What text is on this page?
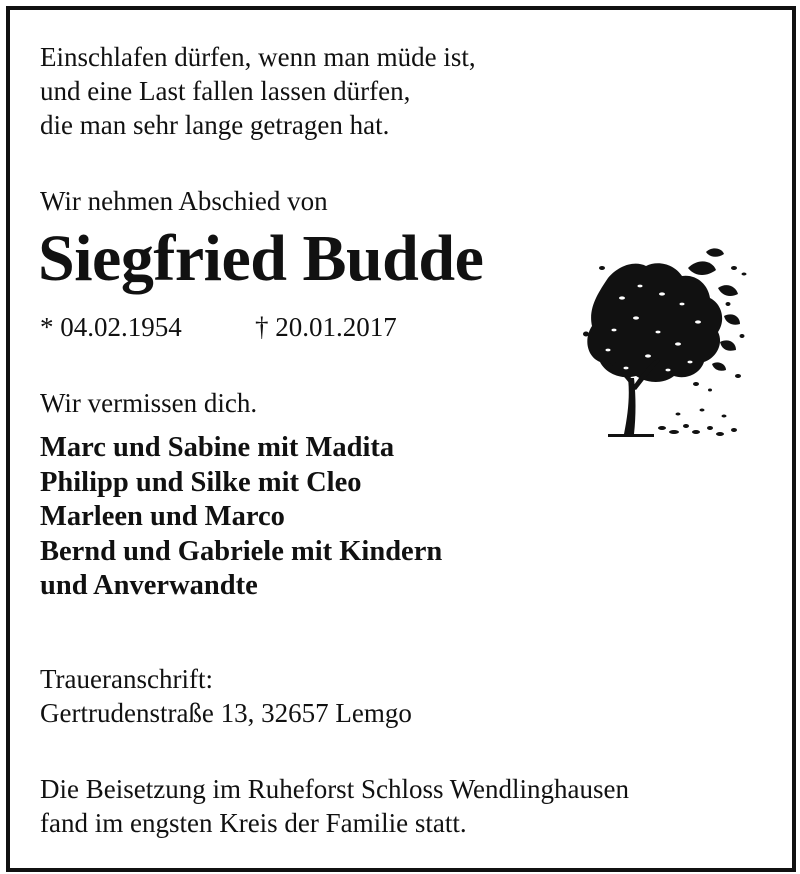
Einschlafen dürfen, wenn man müde ist,
und eine Last fallen lassen dürfen,
die man sehr lange getragen hat.
Wir nehmen Abschied von
Siegfried Budde
* 04.02.1954	† 20.01.2017
Wir vermissen dich.
Marc und Sabine mit Madita
Philipp und Silke mit Cleo
Marleen und Marco
Bernd und Gabriele mit Kindern
und Anverwandte
Traueranschrift:
Gertrudenstraße 13, 32657 Lemgo
Die Beisetzung im Ruheforst Schloss Wendlinghausen
fand im engsten Kreis der Familie statt.
